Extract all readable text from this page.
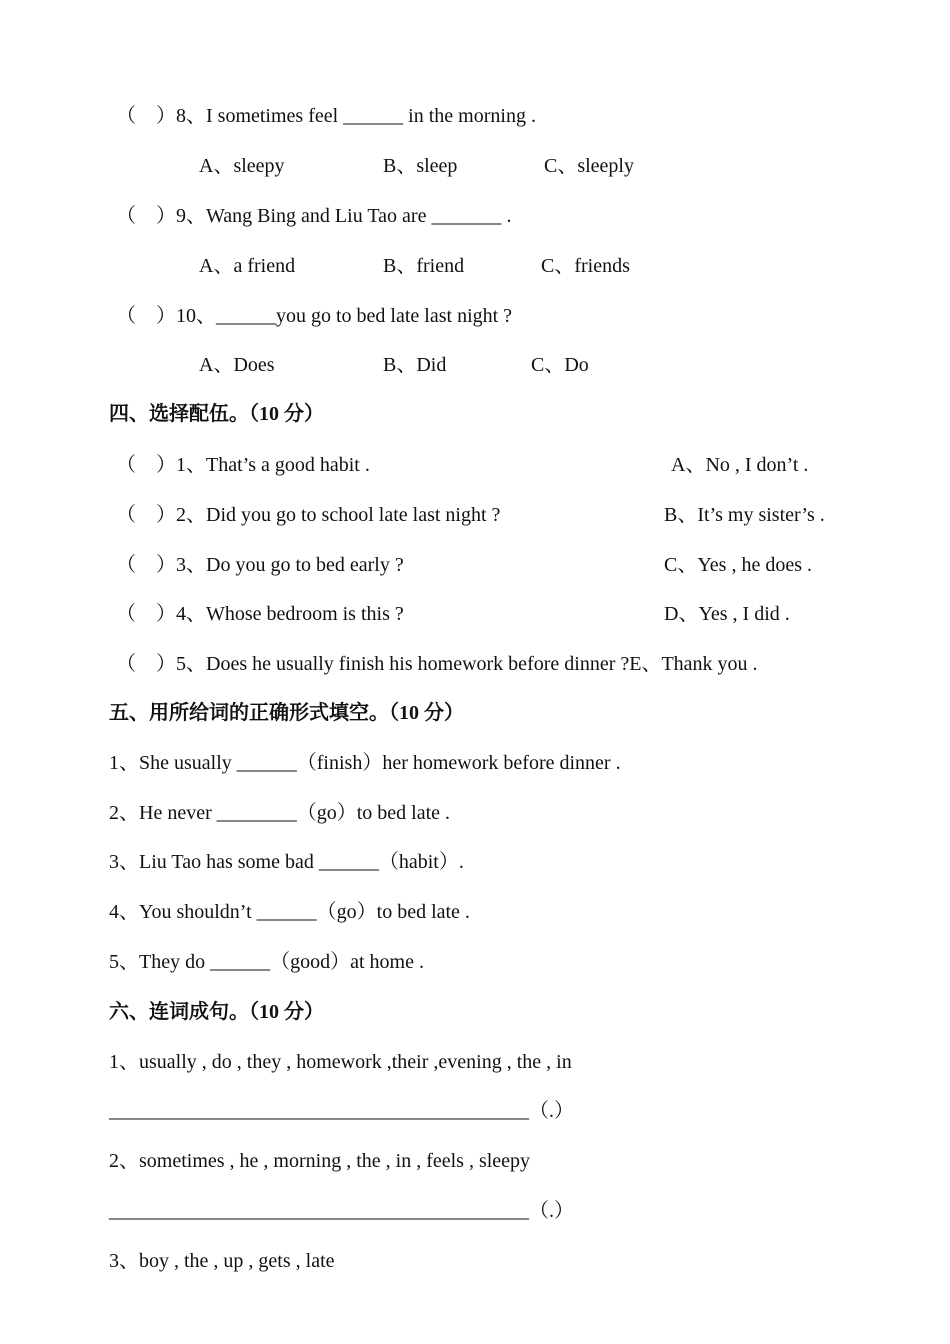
（    ）8、I sometimes feel ______ in the morning .
A、sleepy	B、sleep	C、sleeply
（    ）9、Wang Bing and Liu Tao are _______ .
A、a friend	B、friend	C、friends
（    ）10、______you go to bed late last night ?
A、Does	B、Did	C、Do
四、选择配伍。（10 分）
（    ）1、That’s a good habit .	A、No , I don’t .
（    ）2、Did you go to school late last night ?	B、It’s my sister’s .
（    ）3、Do you go to bed early ?	C、Yes , he does .
（    ）4、Whose bedroom is this ?	D、Yes , I did .
（    ）5、Does he usually finish his homework before dinner ?E、Thank you .
五、用所给词的正确形式填空。（10 分）
1、She usually ______（finish）her homework before dinner .
2、He never ________（go）to bed late .
3、Liu Tao has some bad ______（habit）.
4、You shouldn’t ______（go）to bed late .
5、They do ______（good）at home .
六、连词成句。（10 分）
1、usually , do , they , homework ,their ,evening , the , in
__________________________________________（.）
2、sometimes , he , morning , the , in , feels , sleepy
__________________________________________（.）
3、boy , the , up , gets , late
